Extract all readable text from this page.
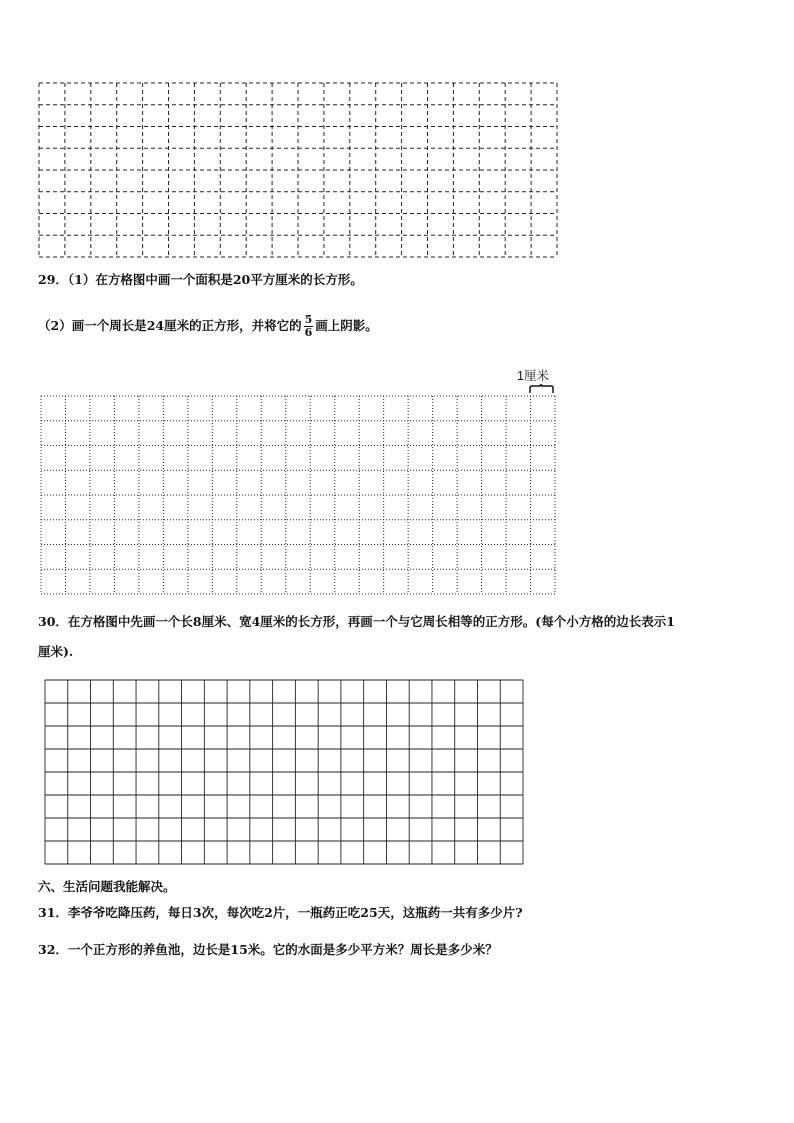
29．（1）在方格图中画一个面积是20平方厘米的长方形。
（2）画一个周长是24厘米的正方形，并将它的 $\frac{5}{6}$ 画上阴影。
1厘米
30．在方格图中先画一个长8厘米、宽4厘米的长方形，再画一个与它周长相等的正方形。(每个小方格的边长表示1
厘米).
六、生活问题我能解决。
31．李爷爷吃降压药，每日3次，每次吃2片，一瓶药正吃25天，这瓶药一共有多少片?
32．一个正方形的养鱼池，边长是15米。它的水面是多少平方米？周长是多少米？
